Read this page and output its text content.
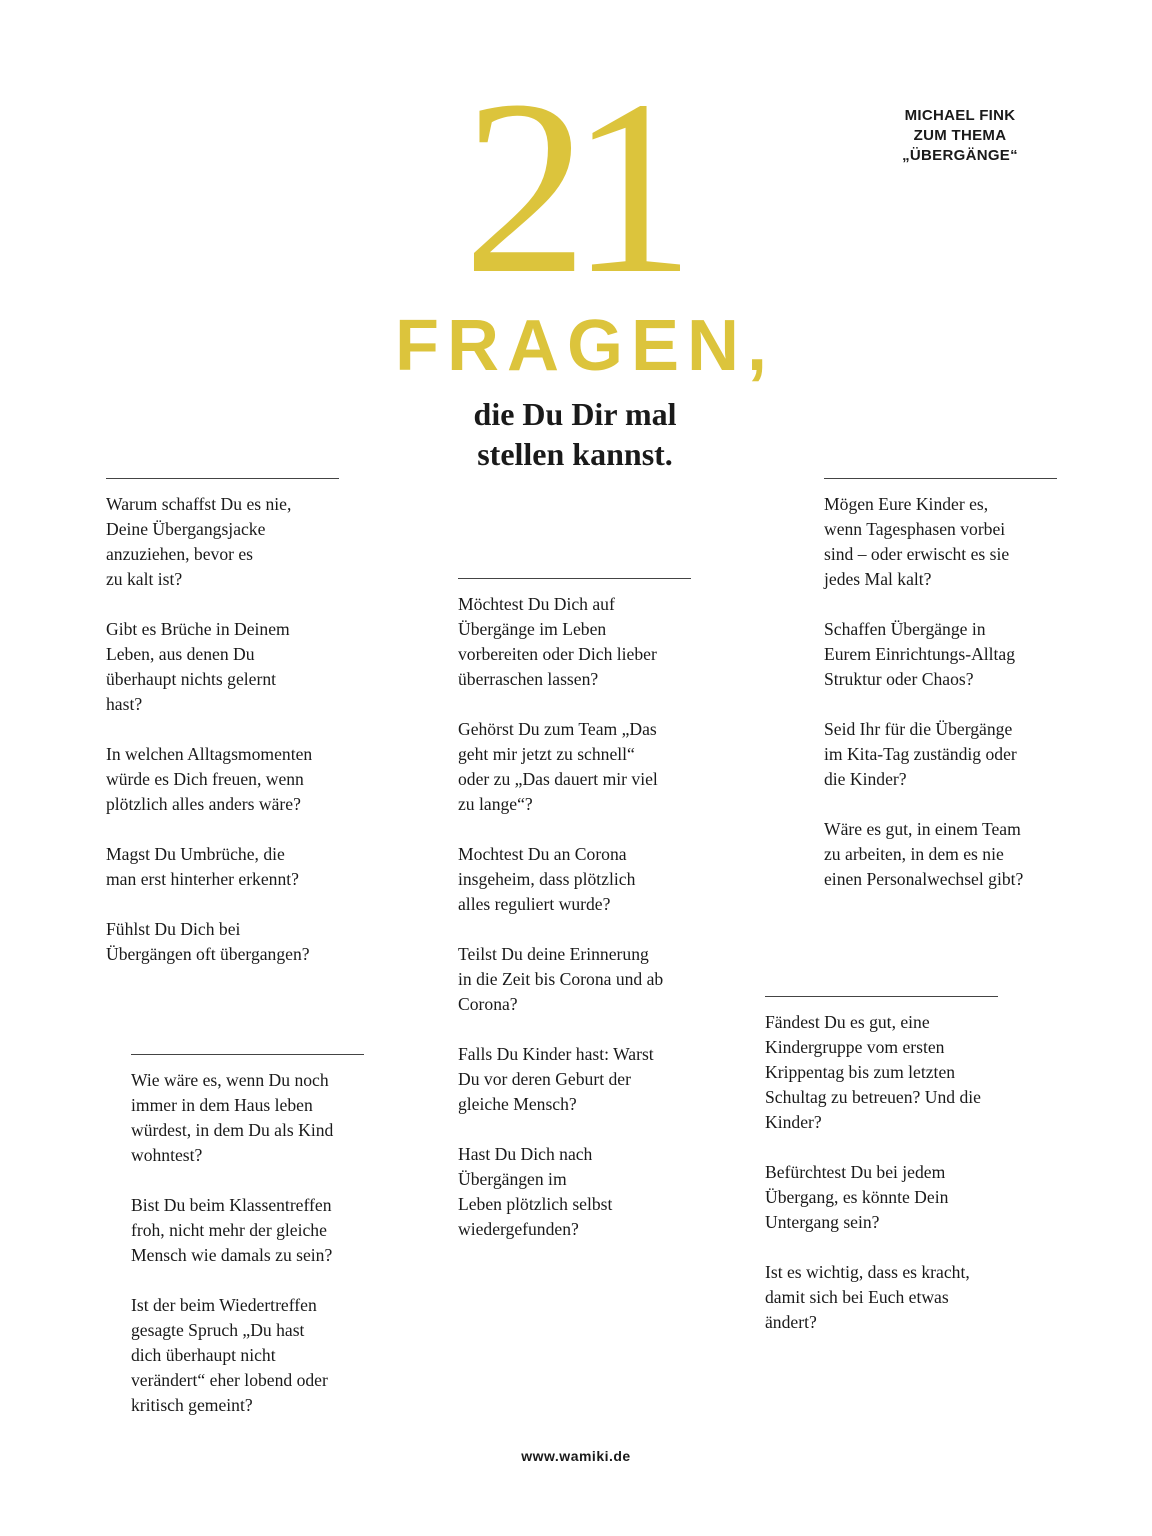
MICHAEL FINK
ZUM THEMA
„ÜBERGÄNGE“
21
FRAGEN,
die Du Dir mal
stellen kannst.

Warum schaffst Du es nie,
Deine Übergangsjacke
anzuziehen, bevor es
zu kalt ist?

Gibt es Brüche in Deinem
Leben, aus denen Du
überhaupt nichts gelernt
hast?

In welchen Alltagsmomenten
würde es Dich freuen, wenn
plötzlich alles anders wäre?

Magst Du Umbrüche, die
man erst hinterher erkennt?

Fühlst Du Dich bei
Übergängen oft übergangen?

Wie wäre es, wenn Du noch
immer in dem Haus leben
würdest, in dem Du als Kind
wohntest?

Bist Du beim Klassentreffen
froh, nicht mehr der gleiche
Mensch wie damals zu sein?

Ist der beim Wiedertreffen
gesagte Spruch „Du hast
dich überhaupt nicht
verändert“ eher lobend oder
kritisch gemeint?

Möchtest Du Dich auf
Übergänge im Leben
vorbereiten oder Dich lieber
überraschen lassen?

Gehörst Du zum Team „Das
geht mir jetzt zu schnell“
oder zu „Das dauert mir viel
zu lange“?

Mochtest Du an Corona
insgeheim, dass plötzlich
alles reguliert wurde?

Teilst Du deine Erinnerung
in die Zeit bis Corona und ab
Corona?

Falls Du Kinder hast: Warst
Du vor deren Geburt der
gleiche Mensch?

Hast Du Dich nach
Übergängen im
Leben plötzlich selbst
wiedergefunden?

Mögen Eure Kinder es,
wenn Tagesphasen vorbei
sind – oder erwischt es sie
jedes Mal kalt?

Schaffen Übergänge in
Eurem Einrichtungs-Alltag
Struktur oder Chaos?

Seid Ihr für die Übergänge
im Kita-Tag zuständig oder
die Kinder?

Wäre es gut, in einem Team
zu arbeiten, in dem es nie
einen Personalwechsel gibt?

Fändest Du es gut, eine
Kindergruppe vom ersten
Krippentag bis zum letzten
Schultag zu betreuen? Und die
Kinder?

Befürchtest Du bei jedem
Übergang, es könnte Dein
Untergang sein?

Ist es wichtig, dass es kracht,
damit sich bei Euch etwas
ändert?

www.wamiki.de
